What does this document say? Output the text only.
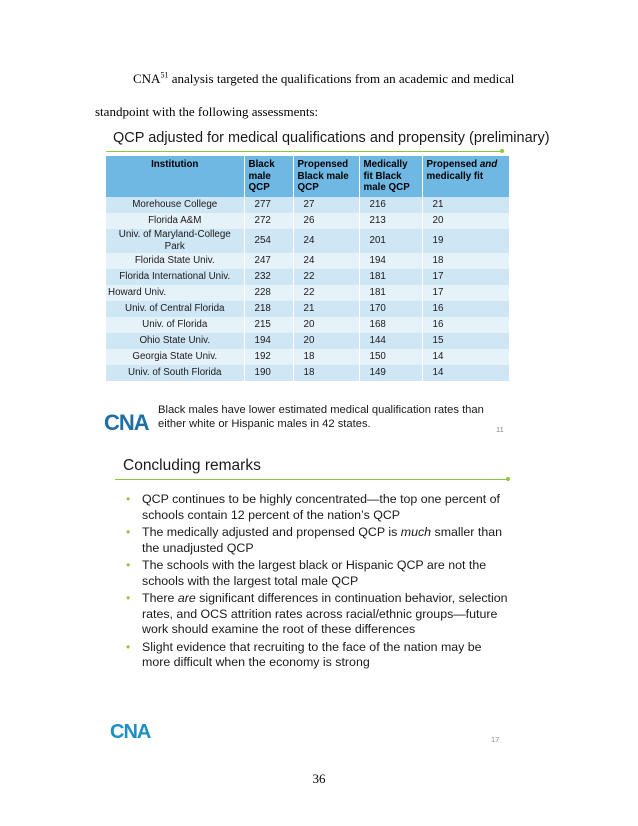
CNA$^{51}$ analysis targeted the qualifications from an academic and medical
standpoint with the following assessments:
QCP adjusted for medical qualifications and propensity (preliminary)
Institution	Black male QCP	Propensed Black male QCP	Medically fit Black male QCP	Propensed and medically fit
Morehouse College	277	27	216	21
Florida A&M	272	26	213	20
Univ. of Maryland-College Park	254	24	201	19
Florida State Univ.	247	24	194	18
Florida International Univ.	232	22	181	17
Howard Univ.	228	22	181	17
Univ. of Central Florida	218	21	170	16
Univ. of Florida	215	20	168	16
Ohio State Univ.	194	20	144	15
Georgia State Univ.	192	18	150	14
Univ. of South Florida	190	18	149	14
CNA Black males have lower estimated medical qualification rates than either white or Hispanic males in 42 states.	11
Concluding remarks
• QCP continues to be highly concentrated—the top one percent of schools contain 12 percent of the nation’s QCP
• The medically adjusted and propensed QCP is much smaller than the unadjusted QCP
• The schools with the largest black or Hispanic QCP are not the schools with the largest total male QCP
• There are significant differences in continuation behavior, selection rates, and OCS attrition rates across racial/ethnic groups—future work should examine the root of these differences
• Slight evidence that recruiting to the face of the nation may be more difficult when the economy is strong
CNA	17
36
